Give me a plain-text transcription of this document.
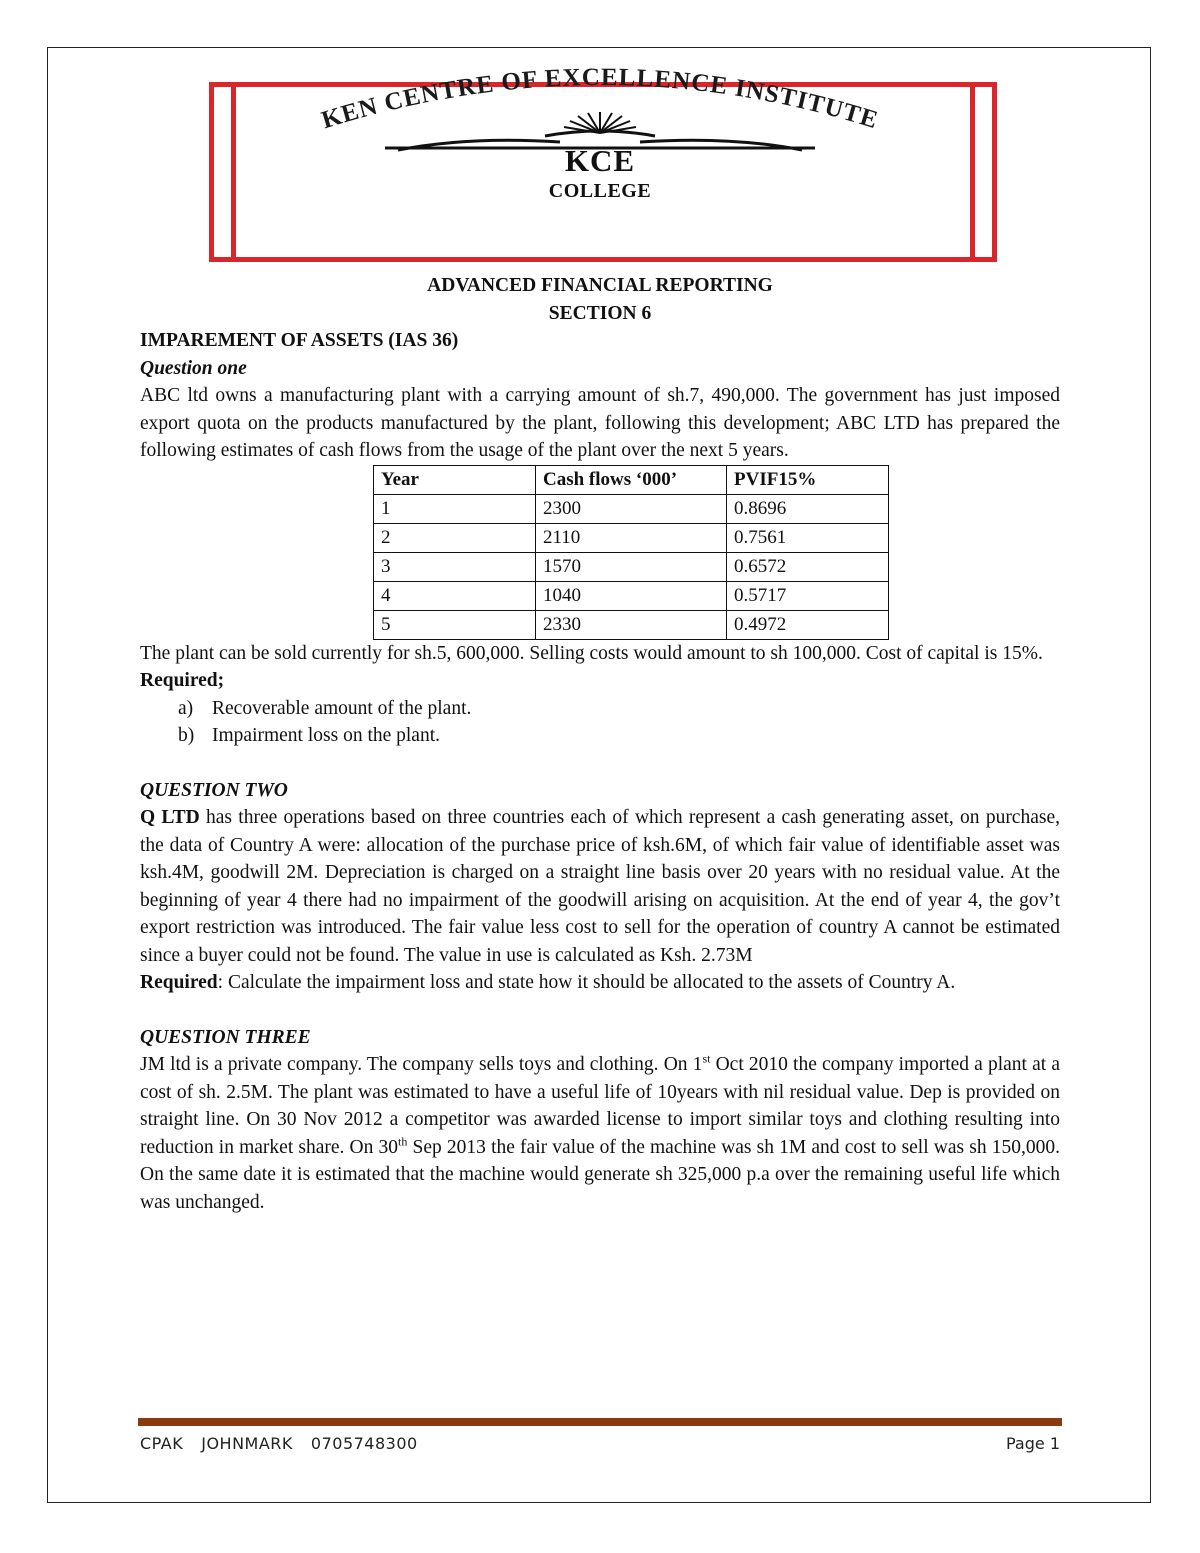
KEN CENTRE OF EXCELLENCE INSTITUTE
KCE
COLLEGE
ADVANCED FINANCIAL REPORTING
SECTION 6
IMPAREMENT OF ASSETS (IAS 36)
Question one

ABC ltd owns a manufacturing plant with a carrying amount of sh.7, 490,000. The government has just imposed export quota on the products manufactured by the plant, following this development; ABC LTD has prepared the following estimates of cash flows from the usage of the plant over the next 5 years.

Year	Cash flows ‘000’	PVIF15%
1	2300	0.8696
2	2110	0.7561
3	1570	0.6572
4	1040	0.5717
5	2330	0.4972

The plant can be sold currently for sh.5, 600,000. Selling costs would amount to sh 100,000. Cost of capital is 15%.

Required;
a) Recoverable amount of the plant.
b) Impairment loss on the plant.
QUESTION TWO

Q LTD has three operations based on three countries each of which represent a cash generating asset, on purchase, the data of Country A were: allocation of the purchase price of ksh.6M, of which fair value of identifiable asset was ksh.4M, goodwill 2M. Depreciation is charged on a straight line basis over 20 years with no residual value. At the beginning of year 4 there had no impairment of the goodwill arising on acquisition. At the end of year 4, the gov’t export restriction was introduced. The fair value less cost to sell for the operation of country A cannot be estimated since a buyer could not be found. The value in use is calculated as Ksh. 2.73M

Required: Calculate the impairment loss and state how it should be allocated to the assets of Country A.

QUESTION THREE

JM ltd is a private company. The company sells toys and clothing. On 1st Oct 2010 the company imported a plant at a cost of sh. 2.5M. The plant was estimated to have a useful life of 10years with nil residual value. Dep is provided on straight line. On 30 Nov 2012 a competitor was awarded license to import similar toys and clothing resulting into reduction in market share. On 30th Sep 2013 the fair value of the machine was sh 1M and cost to sell was sh 150,000. On the same date it is estimated that the machine would generate sh 325,000 p.a over the remaining useful life which was unchanged.

CPAK JOHNMARK 0705748300	Page 1
